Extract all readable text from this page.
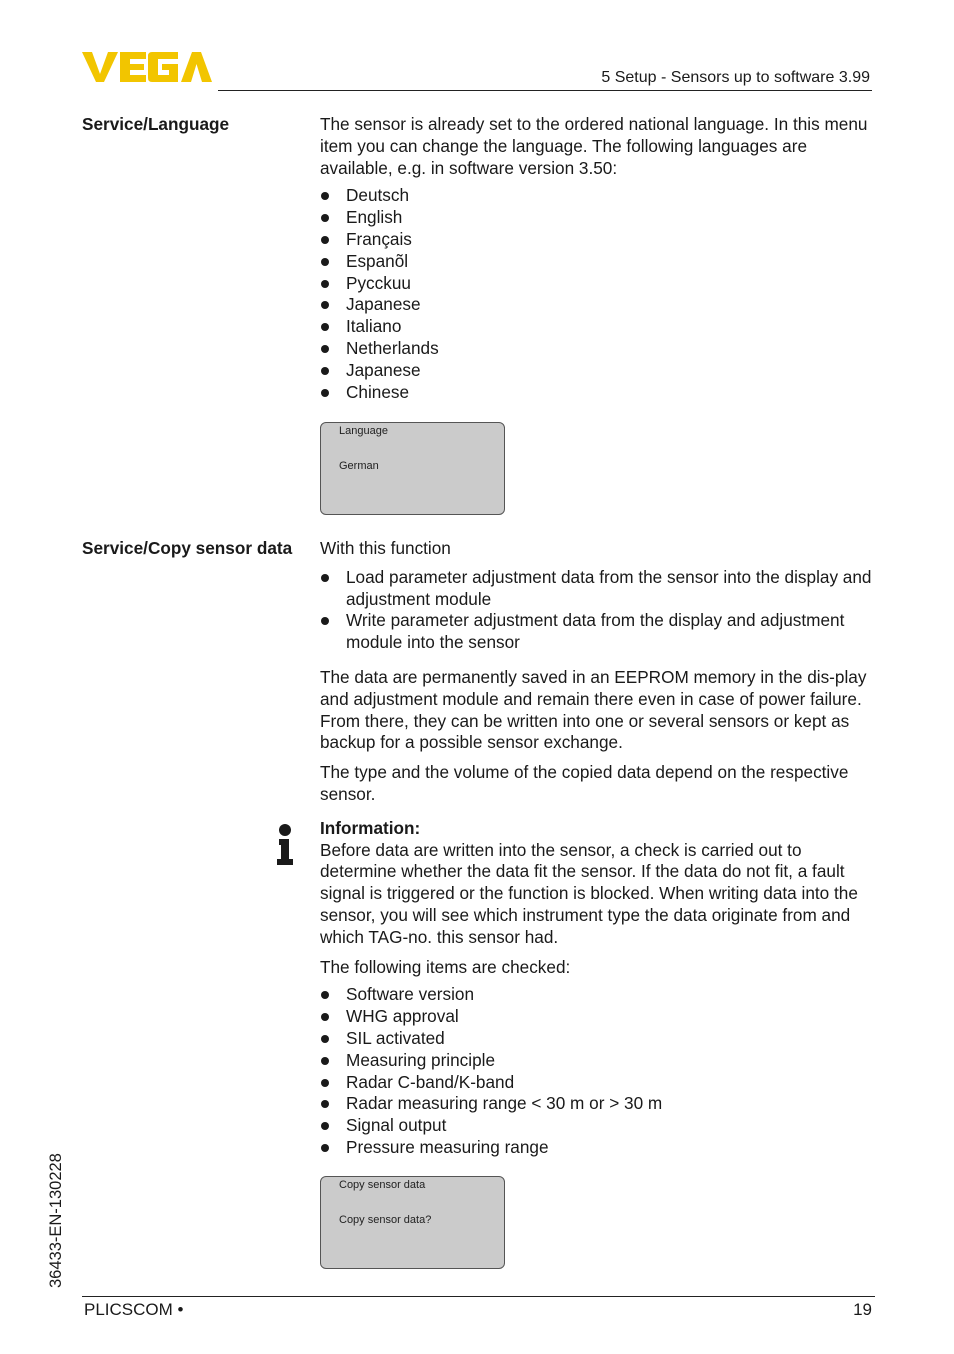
5 Setup - Sensors up to software 3.99
Service/Language	The sensor is already set to the ordered national language. In this menu item you can change the language. The following languages are available, e.g. in software version 3.50:

Deutsch
English
Français
Espanõl
Pycckuu
Japanese
Italiano
Netherlands
Japanese
Chinese
Language
German
Service/Copy sensor data With this function

Load parameter adjustment data from the sensor into the display and adjustment module
Write parameter adjustment data from the display and adjustment module into the sensor

The data are permanently saved in an EEPROM memory in the dis-play and adjustment module and remain there even in case of power failure. From there, they can be written into one or several sensors or kept as backup for a possible sensor exchange.

The type and the volume of the copied data depend on the respective sensor.

Information:

Before data are written into the sensor, a check is carried out to determine whether the data fit the sensor. If the data do not fit, a fault signal is triggered or the function is blocked. When writing data into the sensor, you will see which instrument type the data originate from and which TAG-no. this sensor had.

The following items are checked:

Software version
WHG approval
SIL activated
Measuring principle
Radar C-band/K-band
Radar measuring range < 30 m or > 30 m
Signal output
Pressure measuring range
Copy sensor data
Copy sensor data?
36433-EN-130228
PLICSCOM •	19
